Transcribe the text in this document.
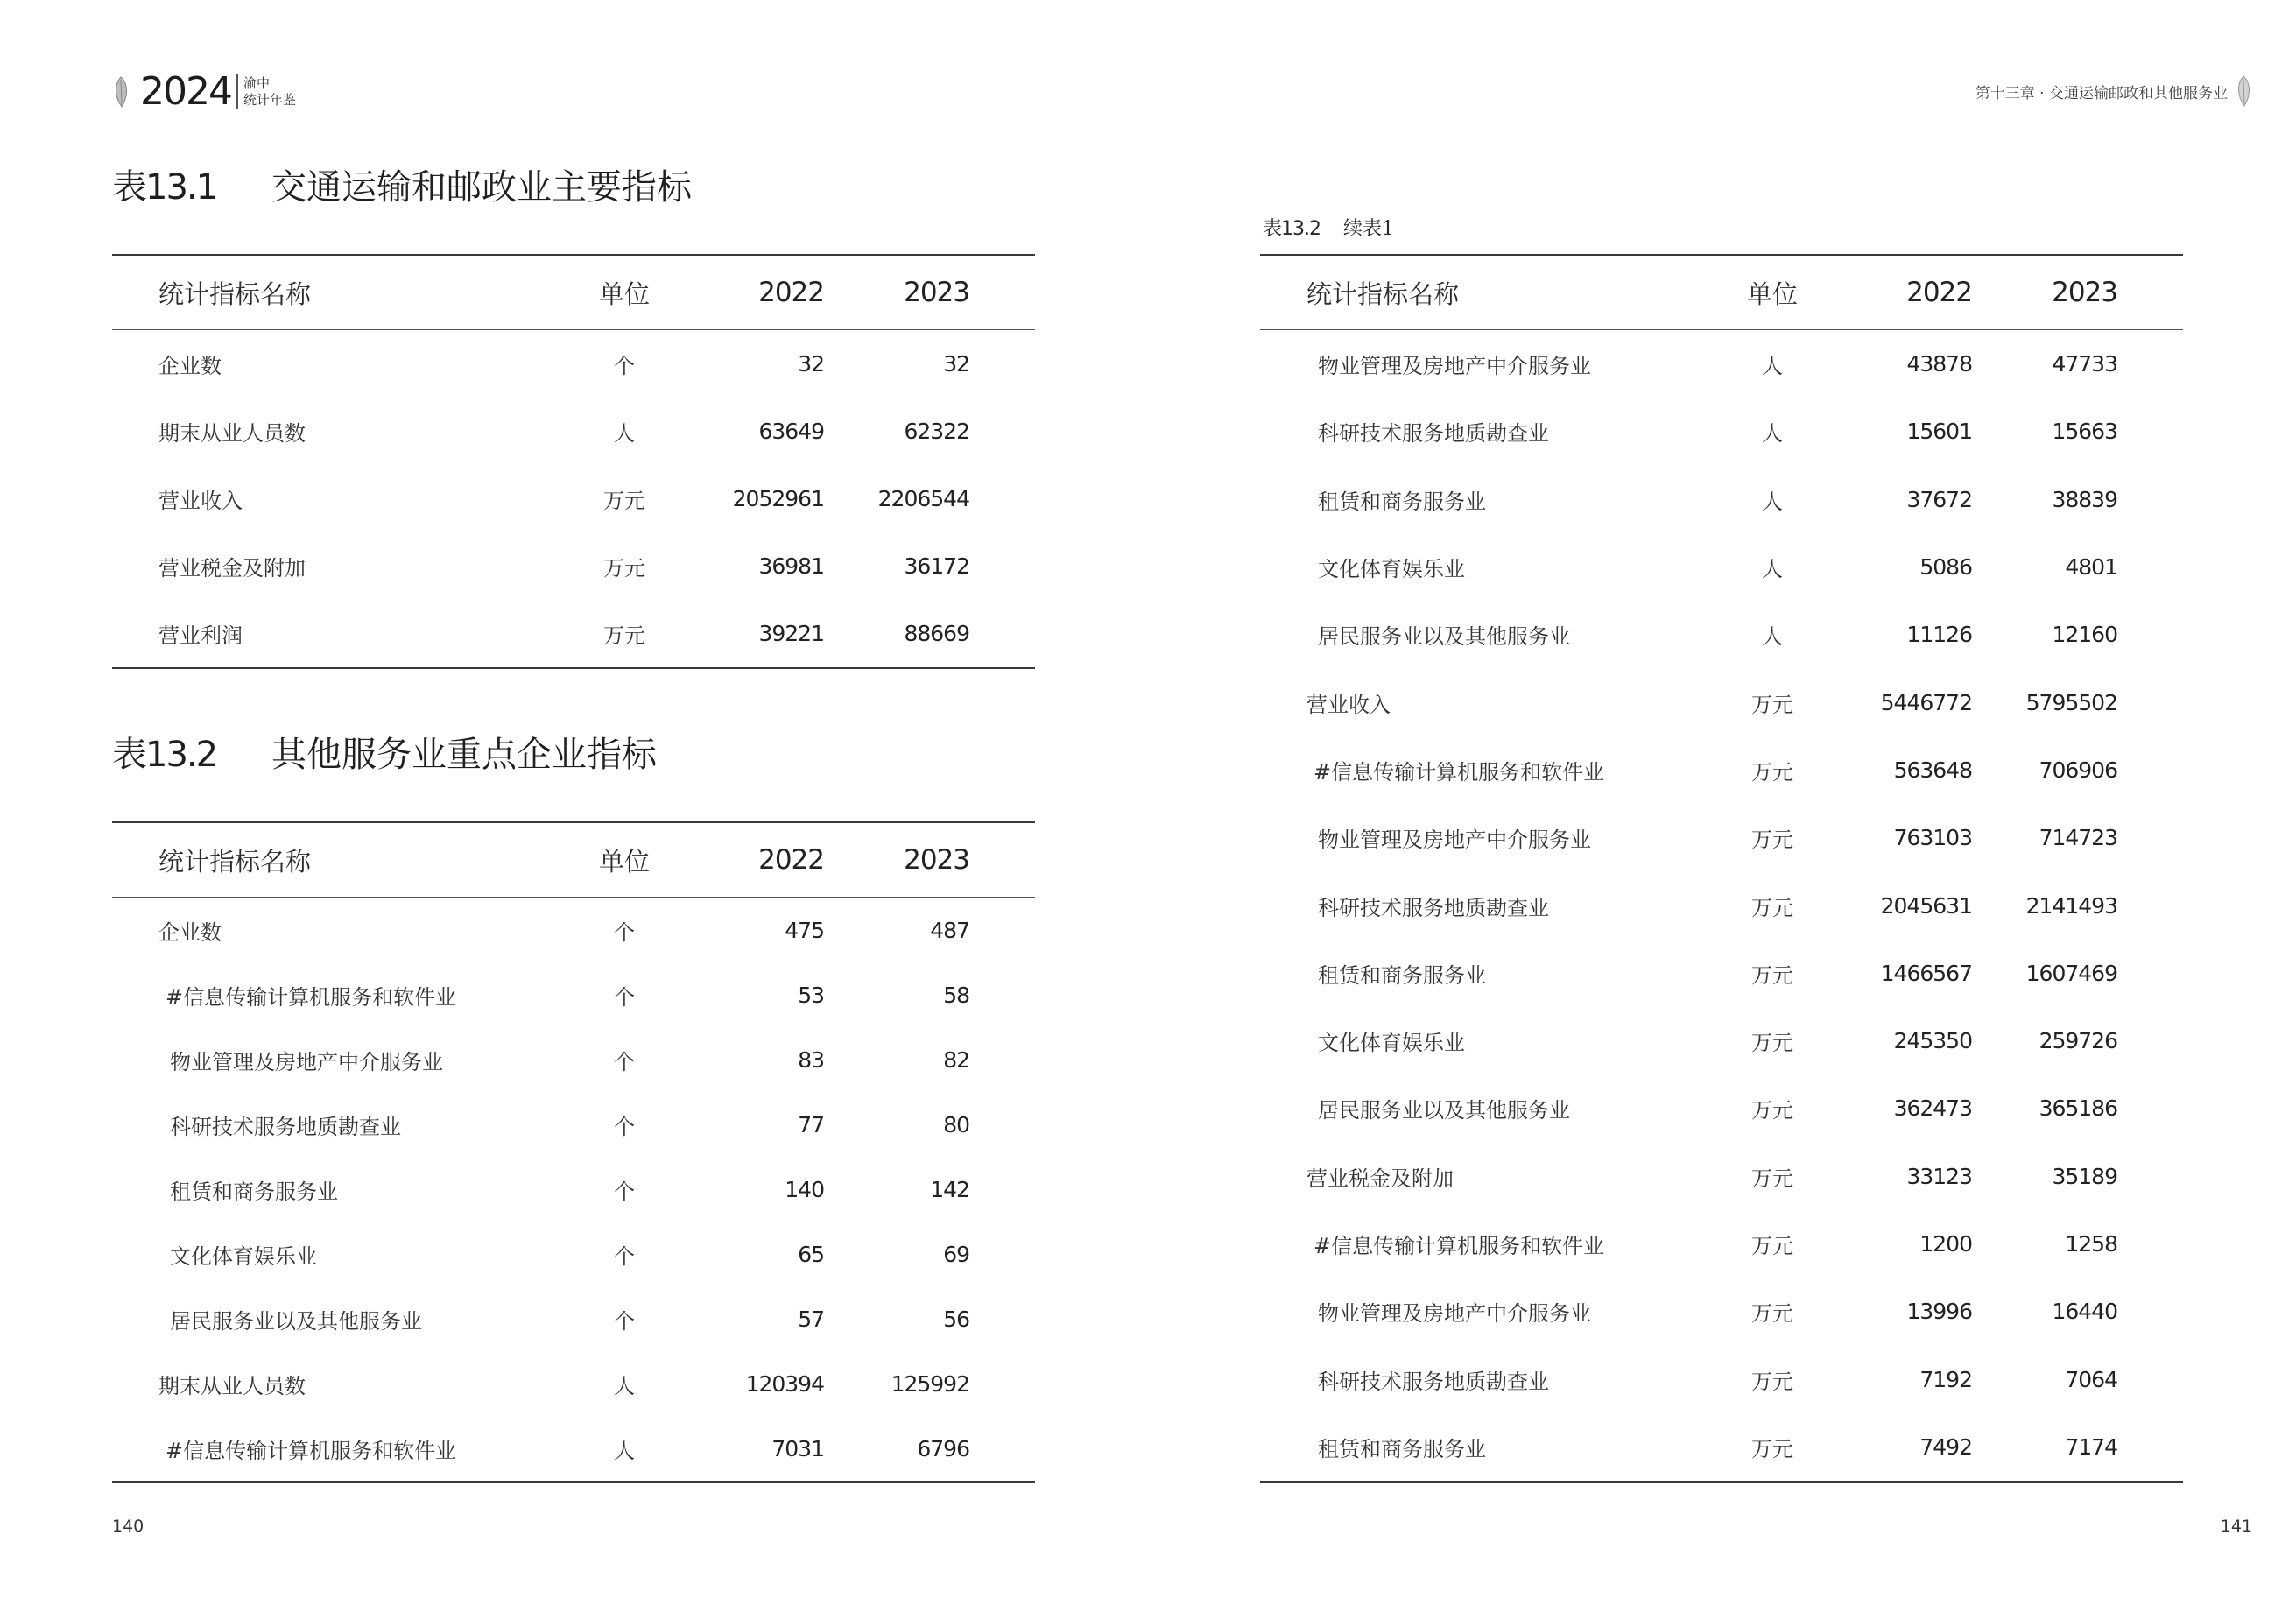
2024 渝中
统计年鉴
表13.1	交通运输和邮政业主要指标
统计指标名称	单位	2022	2023
企业数	个	32	32
期末从业人员数	人	63649	62322
营业收入	万元	2052961 2206544
营业税金及附加	万元	36981	36172
营业利润	万元	39221	88669
表13.2	其他服务业重点企业指标
统计指标名称	单位	2022	2023
企业数	个	475	487
#信息传输计算机服务和软件业	个	53	58
物业管理及房地产中介服务业	个	83	82
科研技术服务地质勘查业	个	77	80
租赁和商务服务业	个	140	142
文化体育娱乐业	个	65	69
居民服务业以及其他服务业	个	57	56
期末从业人员数	人	120394	125992
#信息传输计算机服务和软件业	人	7031	6796
140
第十三章 · 交通运输邮政和其他服务业
表13.2 续表1
统计指标名称	单位	2022	2023
物业管理及房地产中介服务业	人	43878	47733
科研技术服务地质勘查业	人	15601	15663
租赁和商务服务业	人	37672	38839
文化体育娱乐业	人	5086	4801
居民服务业以及其他服务业	人	11126	12160
营业收入	万元	5446772 5795502
#信息传输计算机服务和软件业	万元	563648	706906
物业管理及房地产中介服务业	万元	763103	714723
科研技术服务地质勘查业	万元	2045631 2141493
租赁和商务服务业	万元	1466567 1607469
文化体育娱乐业	万元	245350	259726
居民服务业以及其他服务业	万元	362473	365186
营业税金及附加	万元	33123	35189
#信息传输计算机服务和软件业	万元	1200	1258
物业管理及房地产中介服务业	万元	13996	16440
科研技术服务地质勘查业	万元	7192	7064
租赁和商务服务业	万元	7492	7174
141
